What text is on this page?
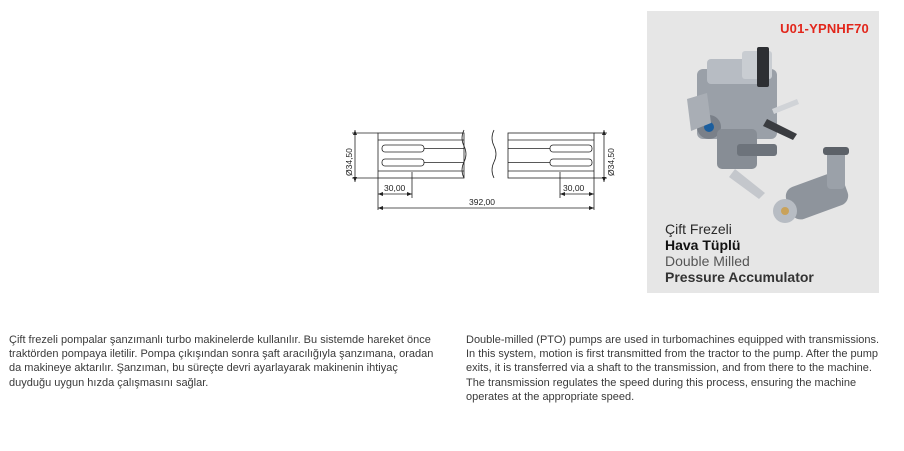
Ø34,50	Ø34,50
30,00	30,00
392,00
U01-YPNHF70
Çift Frezeli
Hava Tüplü
Double Milled
Pressure Accumulator
Çift frezeli pompalar şanzımanlı turbo makinelerde kullanılır. Bu sistemde hareket önce traktörden pompaya iletilir. Pompa çıkışından sonra şaft aracılığıyla şanzımana, oradan da makineye aktarılır. Şanzıman, bu süreçte devri ayarlayarak makinenin ihtiyaç duyduğu uygun hızda çalışmasını sağlar.
Double-milled (PTO) pumps are used in turbomachines equipped with transmissions. In this system, motion is first transmitted from the tractor to the pump. After the pump exits, it is transferred via a shaft to the transmission, and from there to the machine. The transmission regulates the speed during this process, ensuring the machine operates at the appropriate speed.
